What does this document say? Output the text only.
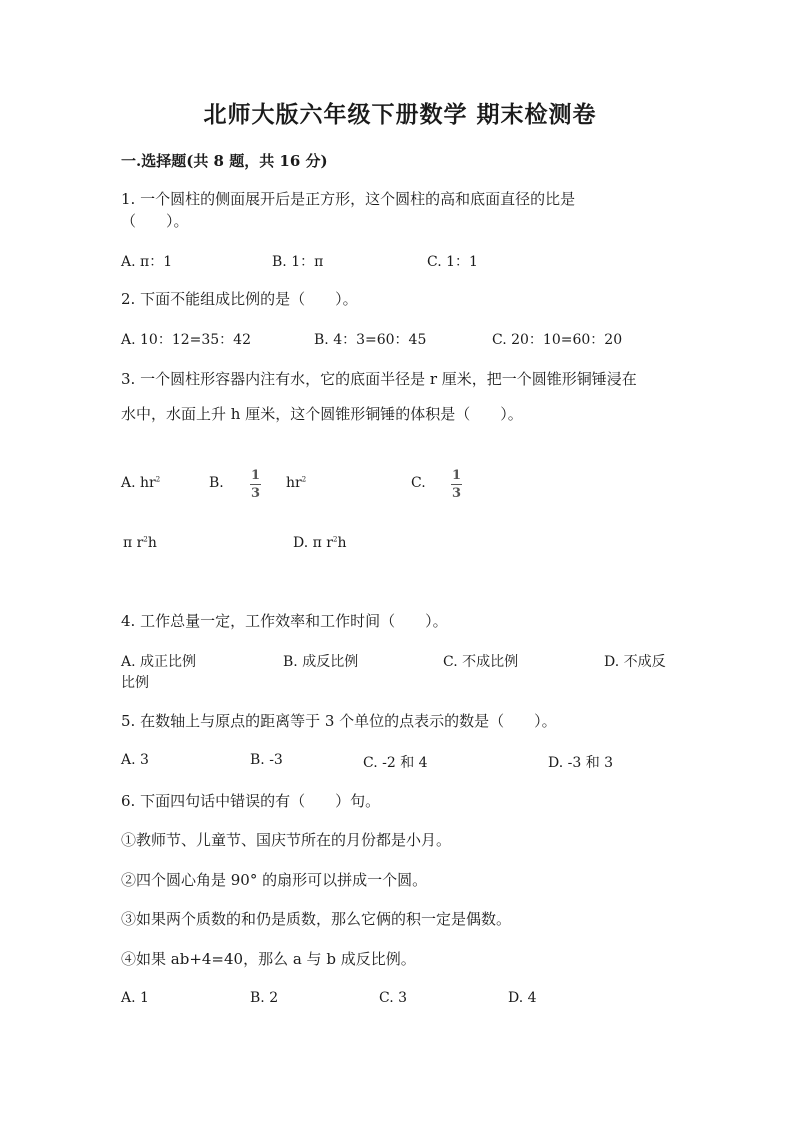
北师大版六年级下册数学 期末检测卷
一.选择题(共 8 题，共 16 分)
1. 一个圆柱的侧面展开后是正方形，这个圆柱的高和底面直径的比是
（　　）。
A. π：1	B. 1：π	C. 1：1
2. 下面不能组成比例的是（　　）。
A. 10：12=35：42	B. 4：3=60：45	C. 20：10=60：20
3. 一个圆柱形容器内注有水，它的底面半径是 r 厘米，把一个圆锥形铜锤浸在
水中，水面上升 h 厘米，这个圆锥形铜锤的体积是（　　）。
A. $hr^2$	B. 1
3
$hr^2$	C. 1
3
π $r^2h$	D. π $r^2h$
4. 工作总量一定，工作效率和工作时间（　　）。
A. 成正比例	B. 成反比例	C. 不成比例	D. 不成反
比例
5. 在数轴上与原点的距离等于 3 个单位的点表示的数是（　　）。
A. 3	B. -3	C. -2 和 4	D. -3 和 3
6. 下面四句话中错误的有（　　）句。
①教师节、儿童节、国庆节所在的月份都是小月。
②四个圆心角是 90° 的扇形可以拼成一个圆。
③如果两个质数的和仍是质数，那么它俩的积一定是偶数。
④如果 ab+4=40，那么 a 与 b 成反比例。
A. 1	B. 2	C. 3	D. 4
